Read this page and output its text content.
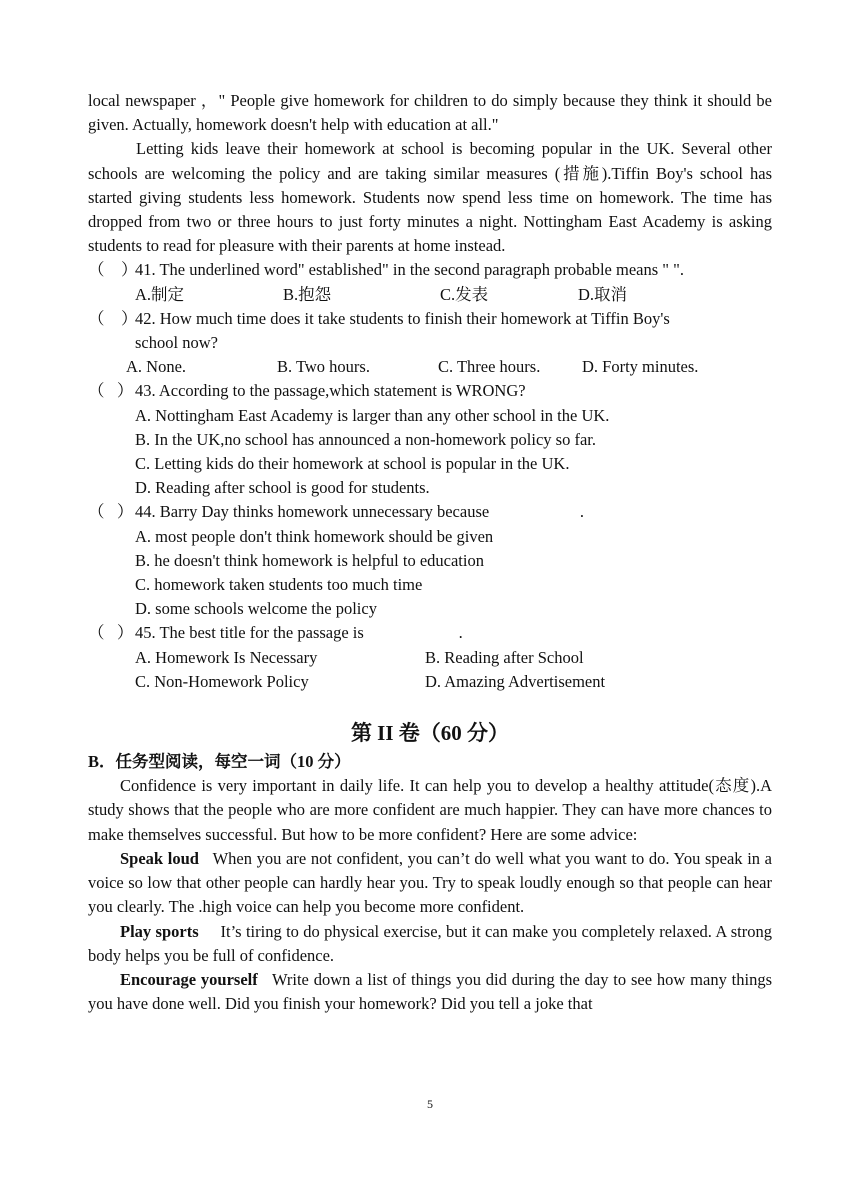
local newspaper ，" People give homework for children to do simply because they think it should be given. Actually, homework doesn't help with education at all."

Letting kids leave their homework at school is becoming popular in the UK. Several other schools are welcoming the policy and are taking similar measures (措施).Tiffin Boy's school has started giving students less homework. Students now spend less time on homework. The time has dropped from two or three hours to just forty minutes a night. Nottingham East Academy is asking students to read for pleasure with their parents at home instead.

（    ）
41. The underlined word" established" in the second paragraph probable means " ".
A.制定	B.抱怨	C.发表	D.取消
（    ）
42. How much time does it take students to finish their homework at Tiffin Boy's

school now?

A. None.	B. Two hours.	C. Three hours.	D. Forty minutes.
（   ） 43. According to the passage,which statement is WRONG?

A. Nottingham East Academy is larger than any other school in the UK.

B. In the UK,no school has announced a non-homework policy so far.

C. Letting kids do their homework at school is popular in the UK.

D. Reading after school is good for students.

（   ） 44. Barry Day thinks homework unnecessary because                      .

A. most people don't think homework should be given

B. he doesn't think homework is helpful to education

C. homework taken students too much time

D. some schools welcome the policy

（   ） 45. The best title for the passage is                       .
A. Homework Is Necessary	B. Reading after School
C. Non-Homework Policy	D. Amazing Advertisement

第 II 卷（60 分）

B．任务型阅读，每空一词（10 分）

Confidence is very important in daily life. It can help you to develop a healthy attitude(态度).A study shows that the people who are more confident are much happier. They can have more chances to make themselves successful. But how to be more confident? Here are some advice:

Speak loud   When you are not confident, you can’t do well what you want to do. You speak in a voice so low that other people can hardly hear you. Try to speak loudly enough so that people can hear you clearly. The .high voice can help you become more confident.

Play sports     It’s tiring to do physical exercise, but it can make you completely relaxed. A strong body helps you be full of confidence.

Encourage yourself   Write down a list of things you did during the day to see how many things you have done well. Did you finish your homework? Did you tell a joke that

5
